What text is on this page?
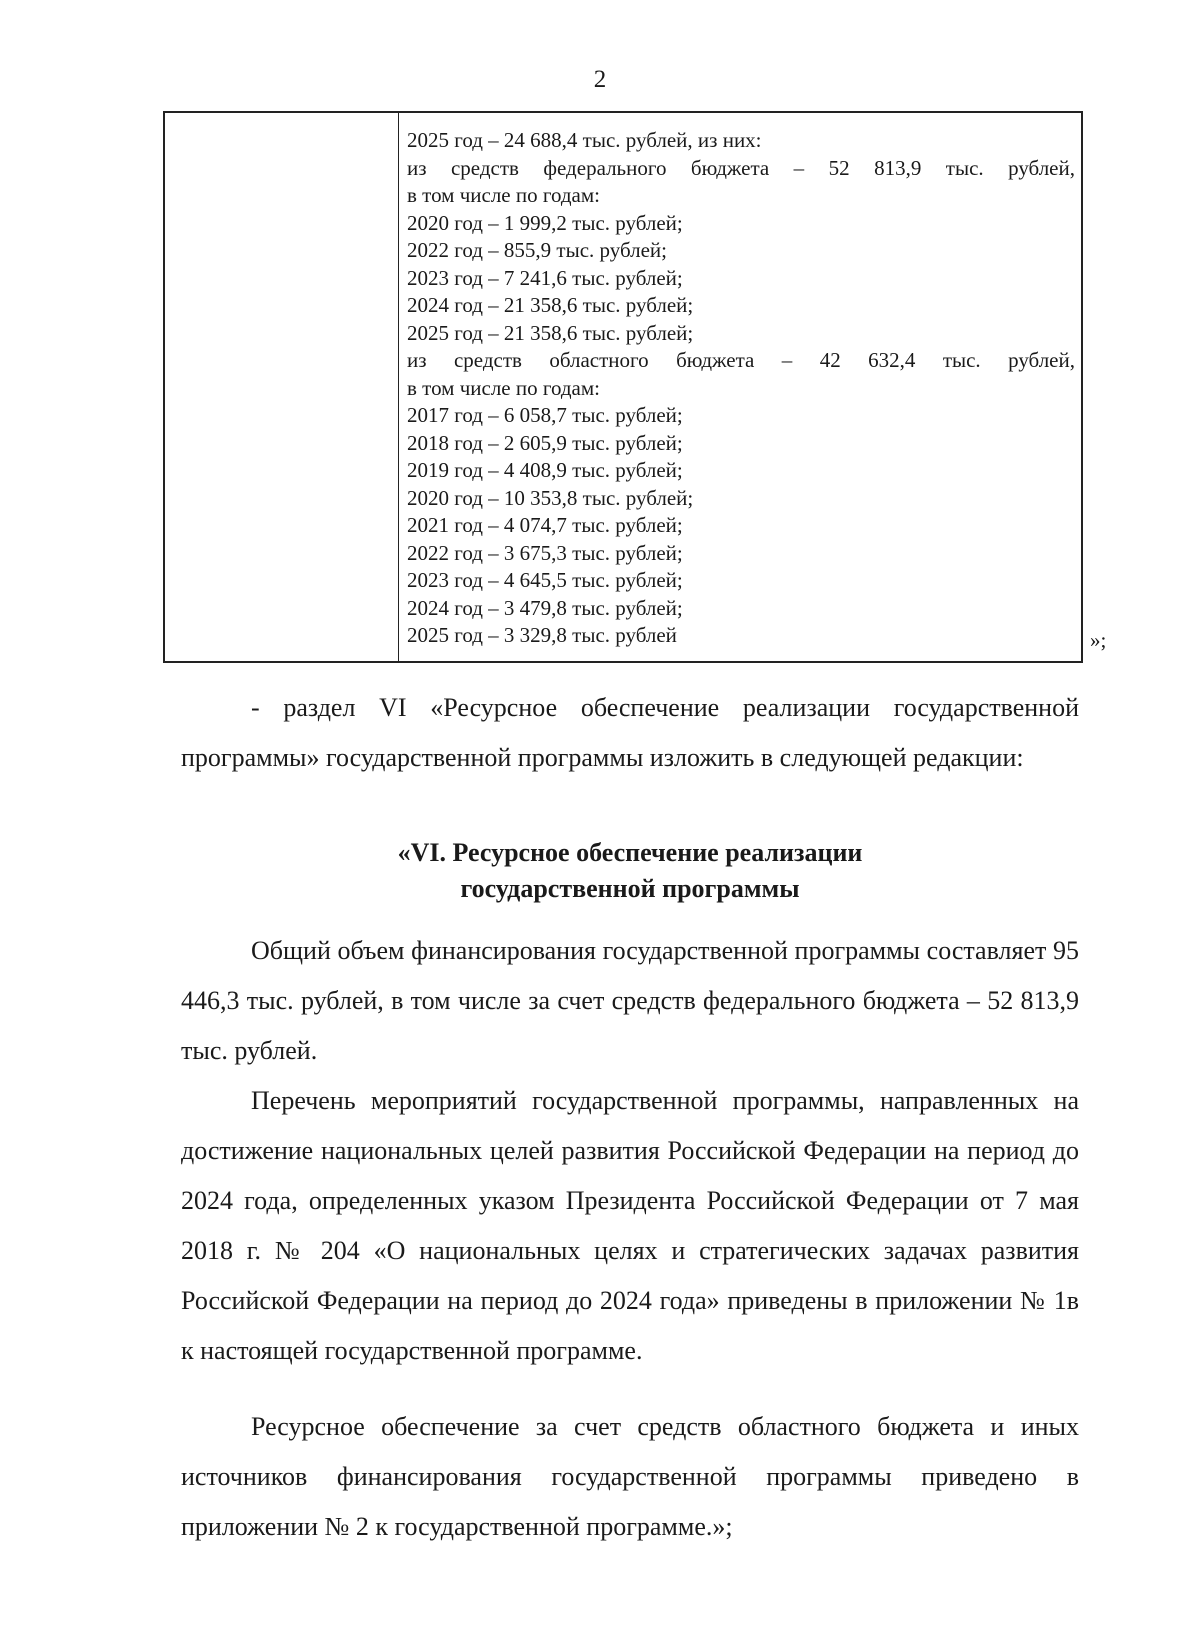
2
2025 год – 24 688,4 тыс. рублей, из них:
из средств федерального бюджета – 52 813,9 тыс. рублей,
в том числе по годам:
2020 год – 1 999,2 тыс. рублей;
2022 год – 855,9 тыс. рублей;
2023 год – 7 241,6 тыс. рублей;
2024 год – 21 358,6 тыс. рублей;
2025 год – 21 358,6 тыс. рублей;
из средств областного бюджета – 42 632,4 тыс. рублей,
в том числе по годам:
2017 год – 6 058,7 тыс. рублей;
2018 год – 2 605,9 тыс. рублей;
2019 год – 4 408,9 тыс. рублей;
2020 год – 10 353,8 тыс. рублей;
2021 год – 4 074,7 тыс. рублей;
2022 год – 3 675,3 тыс. рублей;
2023 год – 4 645,5 тыс. рублей;
2024 год – 3 479,8 тыс. рублей;
2025 год – 3 329,8 тыс. рублей	»;

- раздел VI «Ресурсное обеспечение реализации государственной программы» государственной программы изложить в следующей редакции:

«VI. Ресурсное обеспечение реализации
государственной программы

Общий объем финансирования государственной программы составляет 95 446,3 тыс. рублей, в том числе за счет средств федерального бюджета – 52 813,9 тыс. рублей.

Перечень мероприятий государственной программы, направленных на достижение национальных целей развития Российской Федерации на период до 2024 года, определенных указом Президента Российской Федерации от 7 мая 2018 г. № 204 «О национальных целях и стратегических задачах развития Российской Федерации на период до 2024 года» приведены в приложении № 1в к настоящей государственной программе.

Ресурсное обеспечение за счет средств областного бюджета и иных источников финансирования государственной программы приведено в приложении № 2 к государственной программе.»;
